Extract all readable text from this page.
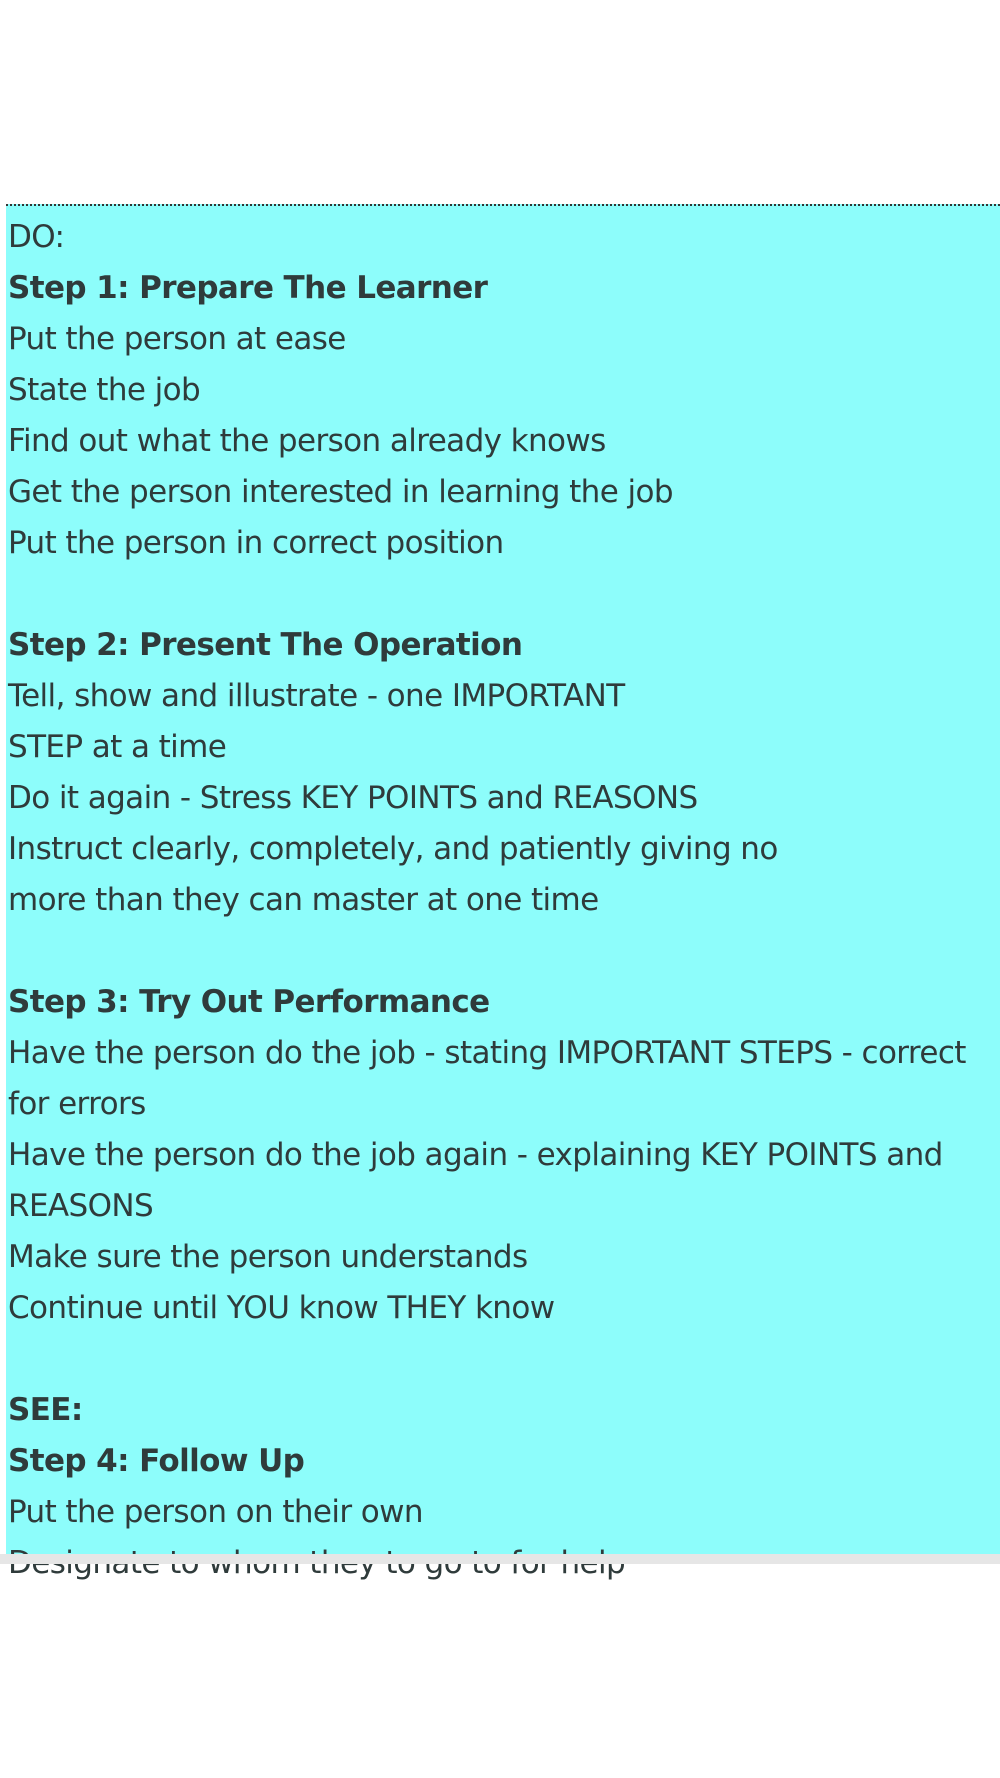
DO:
Step 1: Prepare The Learner
Put the person at ease
State the job
Find out what the person already knows
Get the person interested in learning the job
Put the person in correct position
Step 2: Present The Operation
Tell, show and illustrate - one IMPORTANT
STEP at a time
Do it again - Stress KEY POINTS and REASONS
Instruct clearly, completely, and patiently giving no
more than they can master at one time
Step 3: Try Out Performance
Have the person do the job - stating IMPORTANT STEPS - correct
for errors
Have the person do the job again - explaining KEY POINTS and
REASONS
Make sure the person understands
Continue until YOU know THEY know
SEE:
Step 4: Follow Up
Put the person on their own
